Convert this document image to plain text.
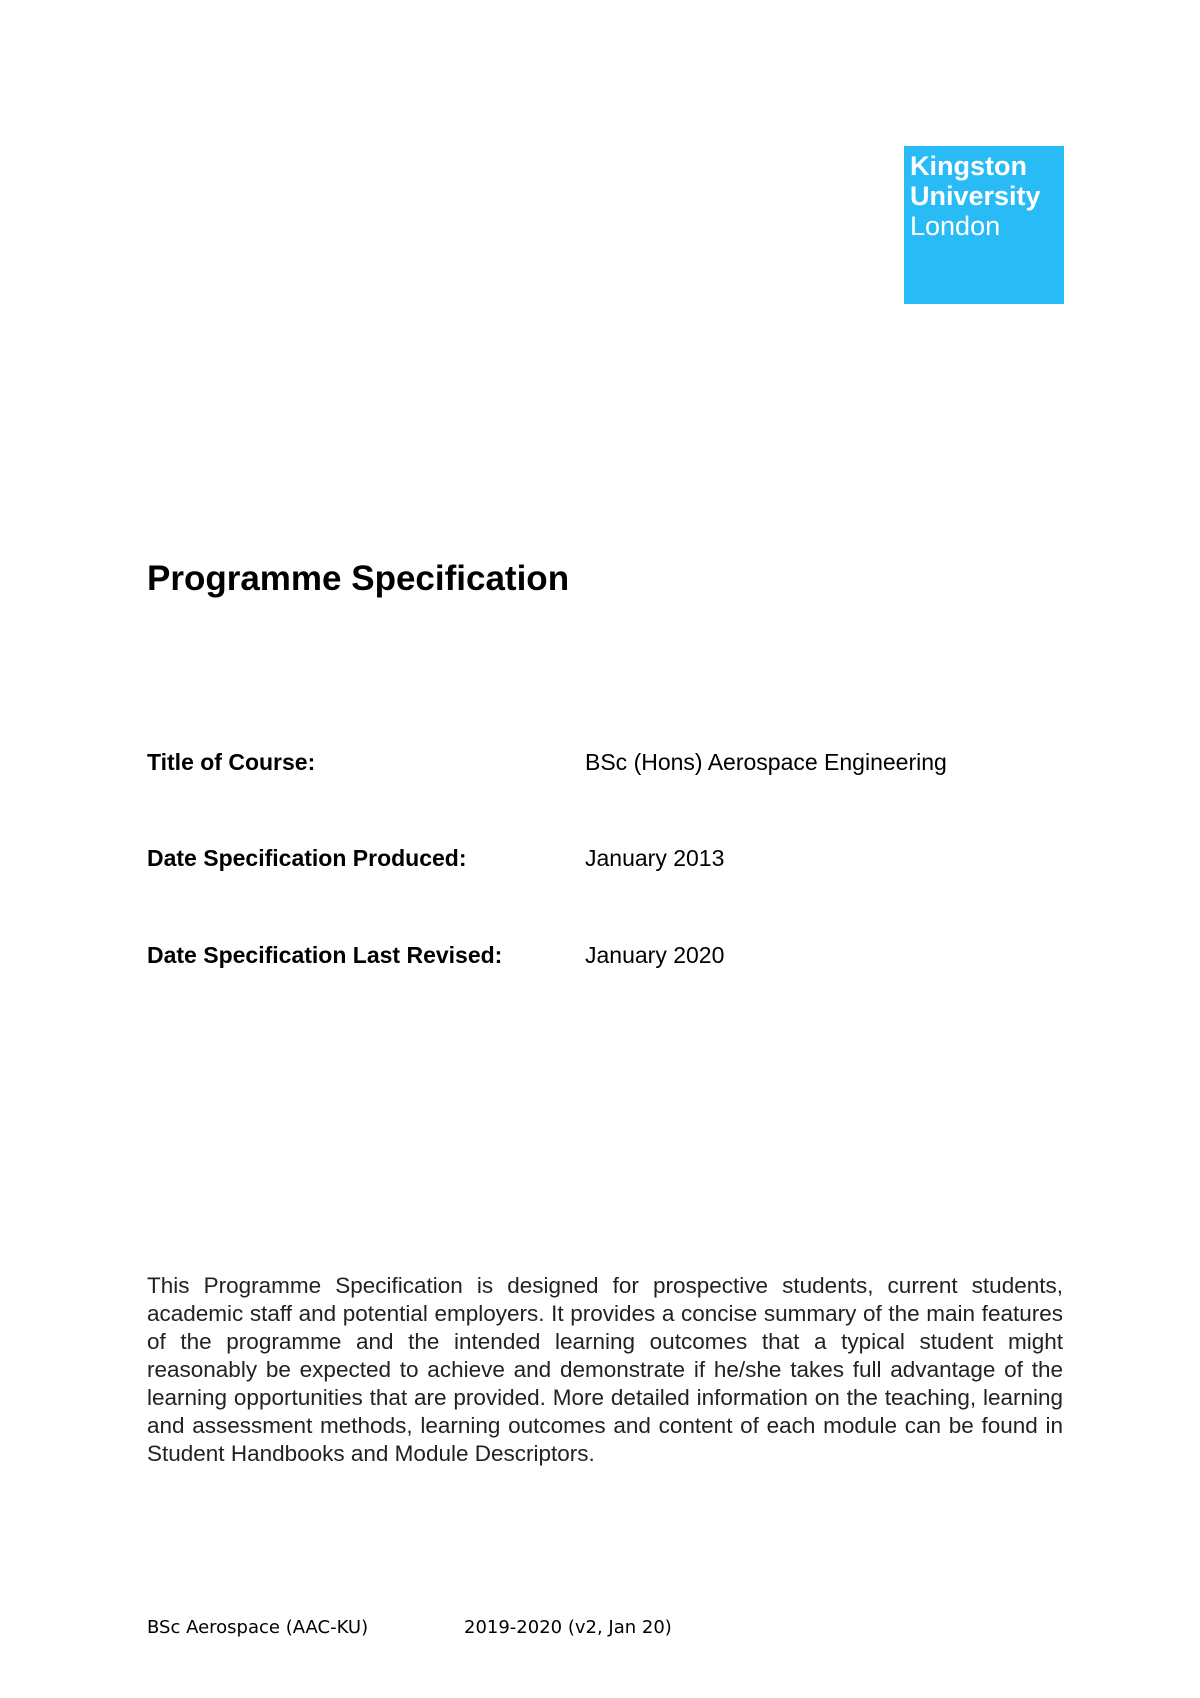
Kingston
University
London
Programme Specification
Title of Course:	BSc (Hons) Aerospace Engineering
Date Specification Produced:	January 2013
Date Specification Last Revised:	January 2020

This Programme Specification is designed for prospective students, current students, academic staff and potential employers. It provides a concise summary of the main features of the programme and the intended learning outcomes that a typical student might reasonably be expected to achieve and demonstrate if he/she takes full advantage of the learning opportunities that are provided. More detailed information on the teaching, learning and assessment methods, learning outcomes and content of each module can be found in Student Handbooks and Module Descriptors.

BSc Aerospace (AAC-KU)	2019-2020 (v2, Jan 20)
